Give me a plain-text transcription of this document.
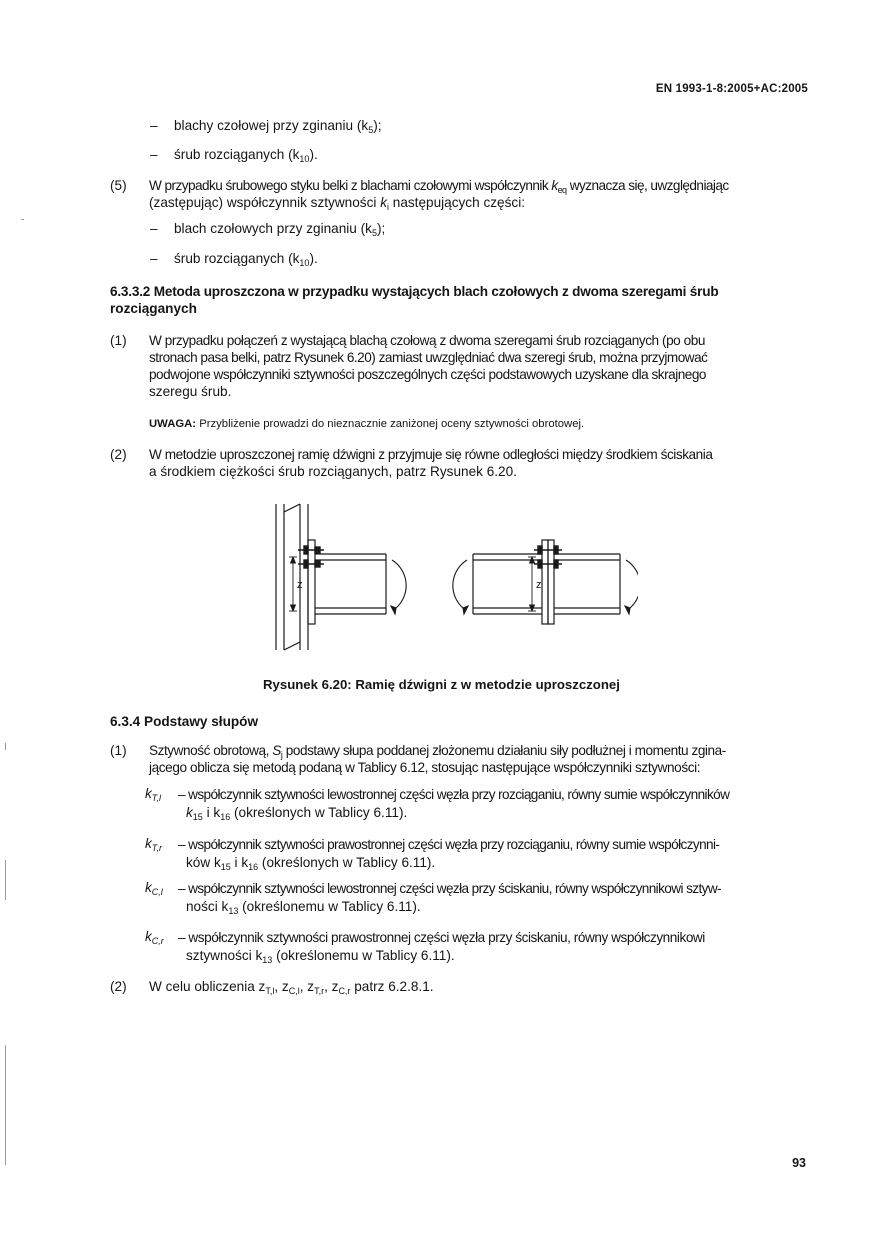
EN 1993-1-8:2005+AC:2005
–	blachy czołowej przy zginaniu $(k_5)$;
–	śrub rozciąganych $(k_{10})$.
(5) W przypadku śrubowego styku belki z blachami czołowymi współczynnik $k_{eq}$ wyznacza się, uwzględniając
(zastępując) współczynnik sztywności $k_i$ następujących części:
–	blach czołowych przy zginaniu $(k_5)$;
–	śrub rozciąganych $(k_{10})$.
6.3.3.2 Metoda uproszczona w przypadku wystających blach czołowych z dwoma szeregami śrub
rozciąganych
(1) W przypadku połączeń z wystającą blachą czołową z dwoma szeregami śrub rozciąganych (po obu
stronach pasa belki, patrz Rysunek 6.20) zamiast uwzględniać dwa szeregi śrub, można przyjmować
podwojone współczynniki sztywności poszczególnych części podstawowych uzyskane dla skrajnego
szeregu śrub.
UWAGA: Przybliżenie prowadzi do nieznacznie zaniżonej oceny sztywności obrotowej.
(2) W metodzie uproszczonej ramię dźwigni z przyjmuje się równe odległości między środkiem ściskania
a środkiem ciężkości śrub rozciąganych, patrz Rysunek 6.20.
z	z
Rysunek 6.20: Ramię dźwigni z w metodzie uproszczonej
6.3.4 Podstawy słupów
(1) Sztywność obrotową, $S_j$ podstawy słupa poddanej złożonemu działaniu siły podłużnej i momentu zgina-
jącego oblicza się metodą podaną w Tablicy 6.12, stosując następujące współczynniki sztywności:
$k_{T,l}$	– współczynnik sztywności lewostronnej części węzła przy rozciąganiu, równy sumie współczynników
$k_{15}$ i $k_{16}$ (określonych w Tablicy 6.11).
$k_{T,r}$	– współczynnik sztywności prawostronnej części węzła przy rozciąganiu, równy sumie współczynni-
ków $k_{15}$ i $k_{16}$ (określonych w Tablicy 6.11).
$k_{C,l}$	– współczynnik sztywności lewostronnej części węzła przy ściskaniu, równy współczynnikowi sztyw-
ności $k_{13}$ (określonemu w Tablicy 6.11).
$k_{C,r}$	– współczynnik sztywności prawostronnej części węzła przy ściskaniu, równy współczynnikowi
sztywności $k_{13}$ (określonemu w Tablicy 6.11).
(2) W celu obliczenia $z_{T,l}$, $z_{C,l}$, $z_{T,r}$, $z_{C,r}$ patrz 6.2.8.1.
93
